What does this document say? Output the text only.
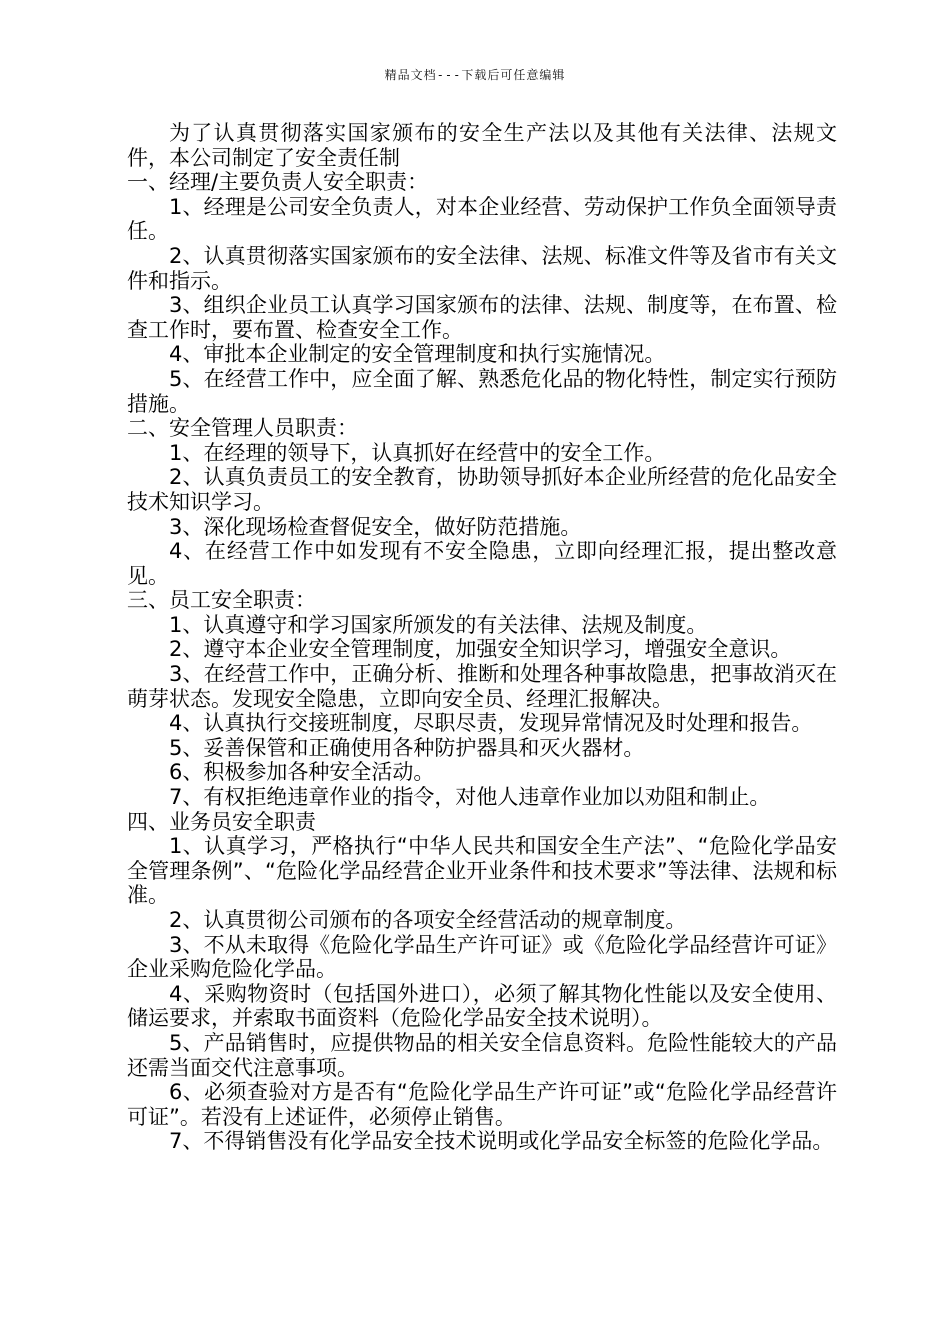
精品文档---下载后可任意编辑

为了认真贯彻落实国家颁布的安全生产法以及其他有关法律、法规文件，本公司制定了安全责任制

一、经理/主要负责人安全职责：

1、经理是公司安全负责人，对本企业经营、劳动保护工作负全面领导责任。

2、认真贯彻落实国家颁布的安全法律、法规、标准文件等及省市有关文件和指示。

3、组织企业员工认真学习国家颁布的法律、法规、制度等，在布置、检查工作时，要布置、检查安全工作。

4、审批本企业制定的安全管理制度和执行实施情况。

5、在经营工作中，应全面了解、熟悉危化品的物化特性，制定实行预防措施。

二、安全管理人员职责：

1、在经理的领导下，认真抓好在经营中的安全工作。

2、认真负责员工的安全教育，协助领导抓好本企业所经营的危化品安全技术知识学习。

3、深化现场检查督促安全，做好防范措施。

4、在经营工作中如发现有不安全隐患，立即向经理汇报，提出整改意见。

三、员工安全职责：

1、认真遵守和学习国家所颁发的有关法律、法规及制度。

2、遵守本企业安全管理制度，加强安全知识学习，增强安全意识。

3、在经营工作中，正确分析、推断和处理各种事故隐患，把事故消灭在萌芽状态。发现安全隐患，立即向安全员、经理汇报解决。

4、认真执行交接班制度，尽职尽责，发现异常情况及时处理和报告。

5、妥善保管和正确使用各种防护器具和灭火器材。

6、积极参加各种安全活动。

7、有权拒绝违章作业的指令，对他人违章作业加以劝阻和制止。

四、业务员安全职责

1、认真学习，严格执行“中华人民共和国安全生产法”、“危险化学品安全管理条例”、“危险化学品经营企业开业条件和技术要求”等法律、法规和标准。

2、认真贯彻公司颁布的各项安全经营活动的规章制度。

3、不从未取得《危险化学品生产许可证》或《危险化学品经营许可证》企业采购危险化学品。

4、采购物资时（包括国外进口），必须了解其物化性能以及安全使用、储运要求，并索取书面资料（危险化学品安全技术说明）。

5、产品销售时，应提供物品的相关安全信息资料。危险性能较大的产品还需当面交代注意事项。

6、必须查验对方是否有“危险化学品生产许可证”或“危险化学品经营许可证”。若没有上述证件，必须停止销售。

7、不得销售没有化学品安全技术说明或化学品安全标签的危险化学品。
